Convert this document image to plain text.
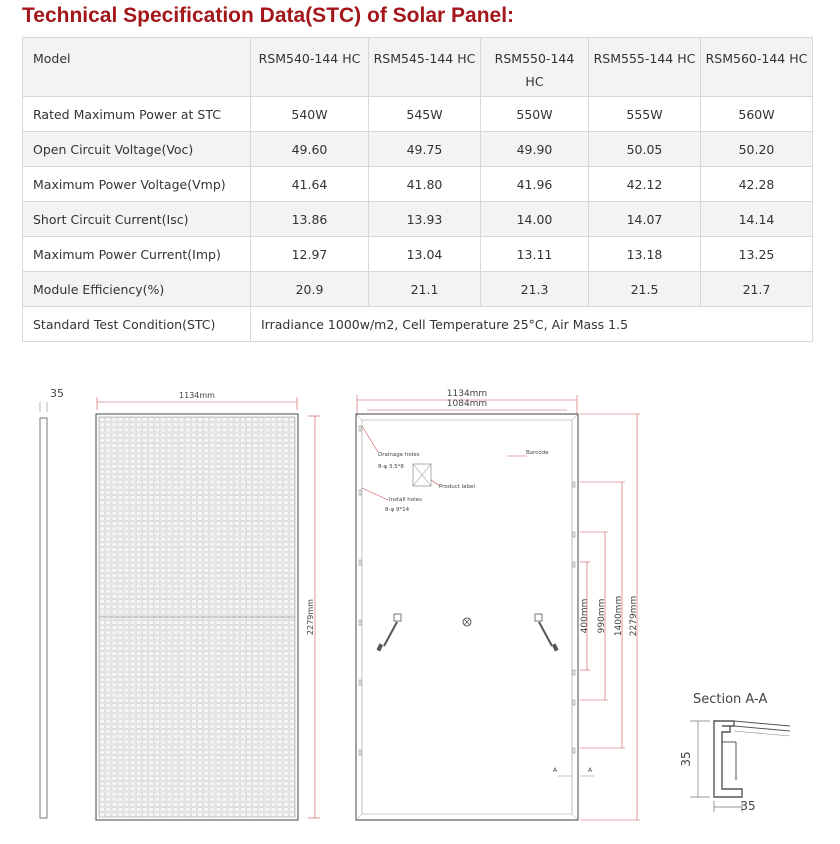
Technical Specification Data(STC) of Solar Panel:
Model	RSM540-144 HC	RSM545-144 HC	RSM550-144 HC	RSM555-144 HC	RSM560-144 HC
Rated Maximum Power at STC	540W	545W	550W	555W	560W
Open Circuit Voltage(Voc)	49.60	49.75	49.90	50.05	50.20
Maximum Power Voltage(Vmp)	41.64	41.80	41.96	42.12	42.28
Short Circuit Current(Isc)	13.86	13.93	14.00	14.07	14.14
Maximum Power Current(Imp)	12.97	13.04	13.11	13.18	13.25
Module Efficiency(%)	20.9	21.1	21.3	21.5	21.7
Standard Test Condition(STC)	Irradiance 1000w/m2, Cell Temperature 25°C, Air Mass 1.5				
35	1134mm
2279mm
1134mm
1084mm
Drainage holes
8-φ 3.5*8
Product label
Install holes
8-φ 9*14
Barcode
400mm 990mm 1400mm 2279mm
A	A
Section A-A
35
35
